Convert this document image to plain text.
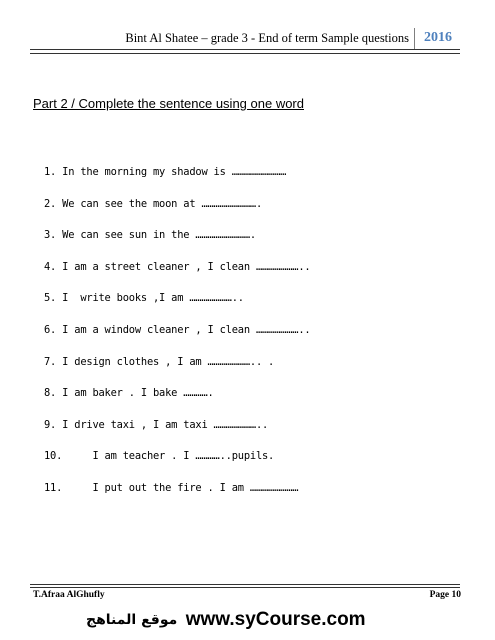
Bint Al Shatee – grade 3 - End of term Sample questions	2016
Part 2 / Complete the sentence using one word
1. In the morning my shadow is ………………………
2. We can see the moon at ……………………….
3. We can see sun in the ……………………….
4. I am a street cleaner , I clean …………………..
5. I  write books ,I am …………………..
6. I am a window cleaner , I clean …………………..
7. I design clothes , I am ………………….. .
8. I am baker . I bake ………….
9. I drive taxi , I am taxi …………………..
10.     I am teacher . I …………..pupils.
11.     I put out the fire . I am ……………………
T.Afraa AlGhufly	Page 10
موقع المناهج www.syCourse.com
